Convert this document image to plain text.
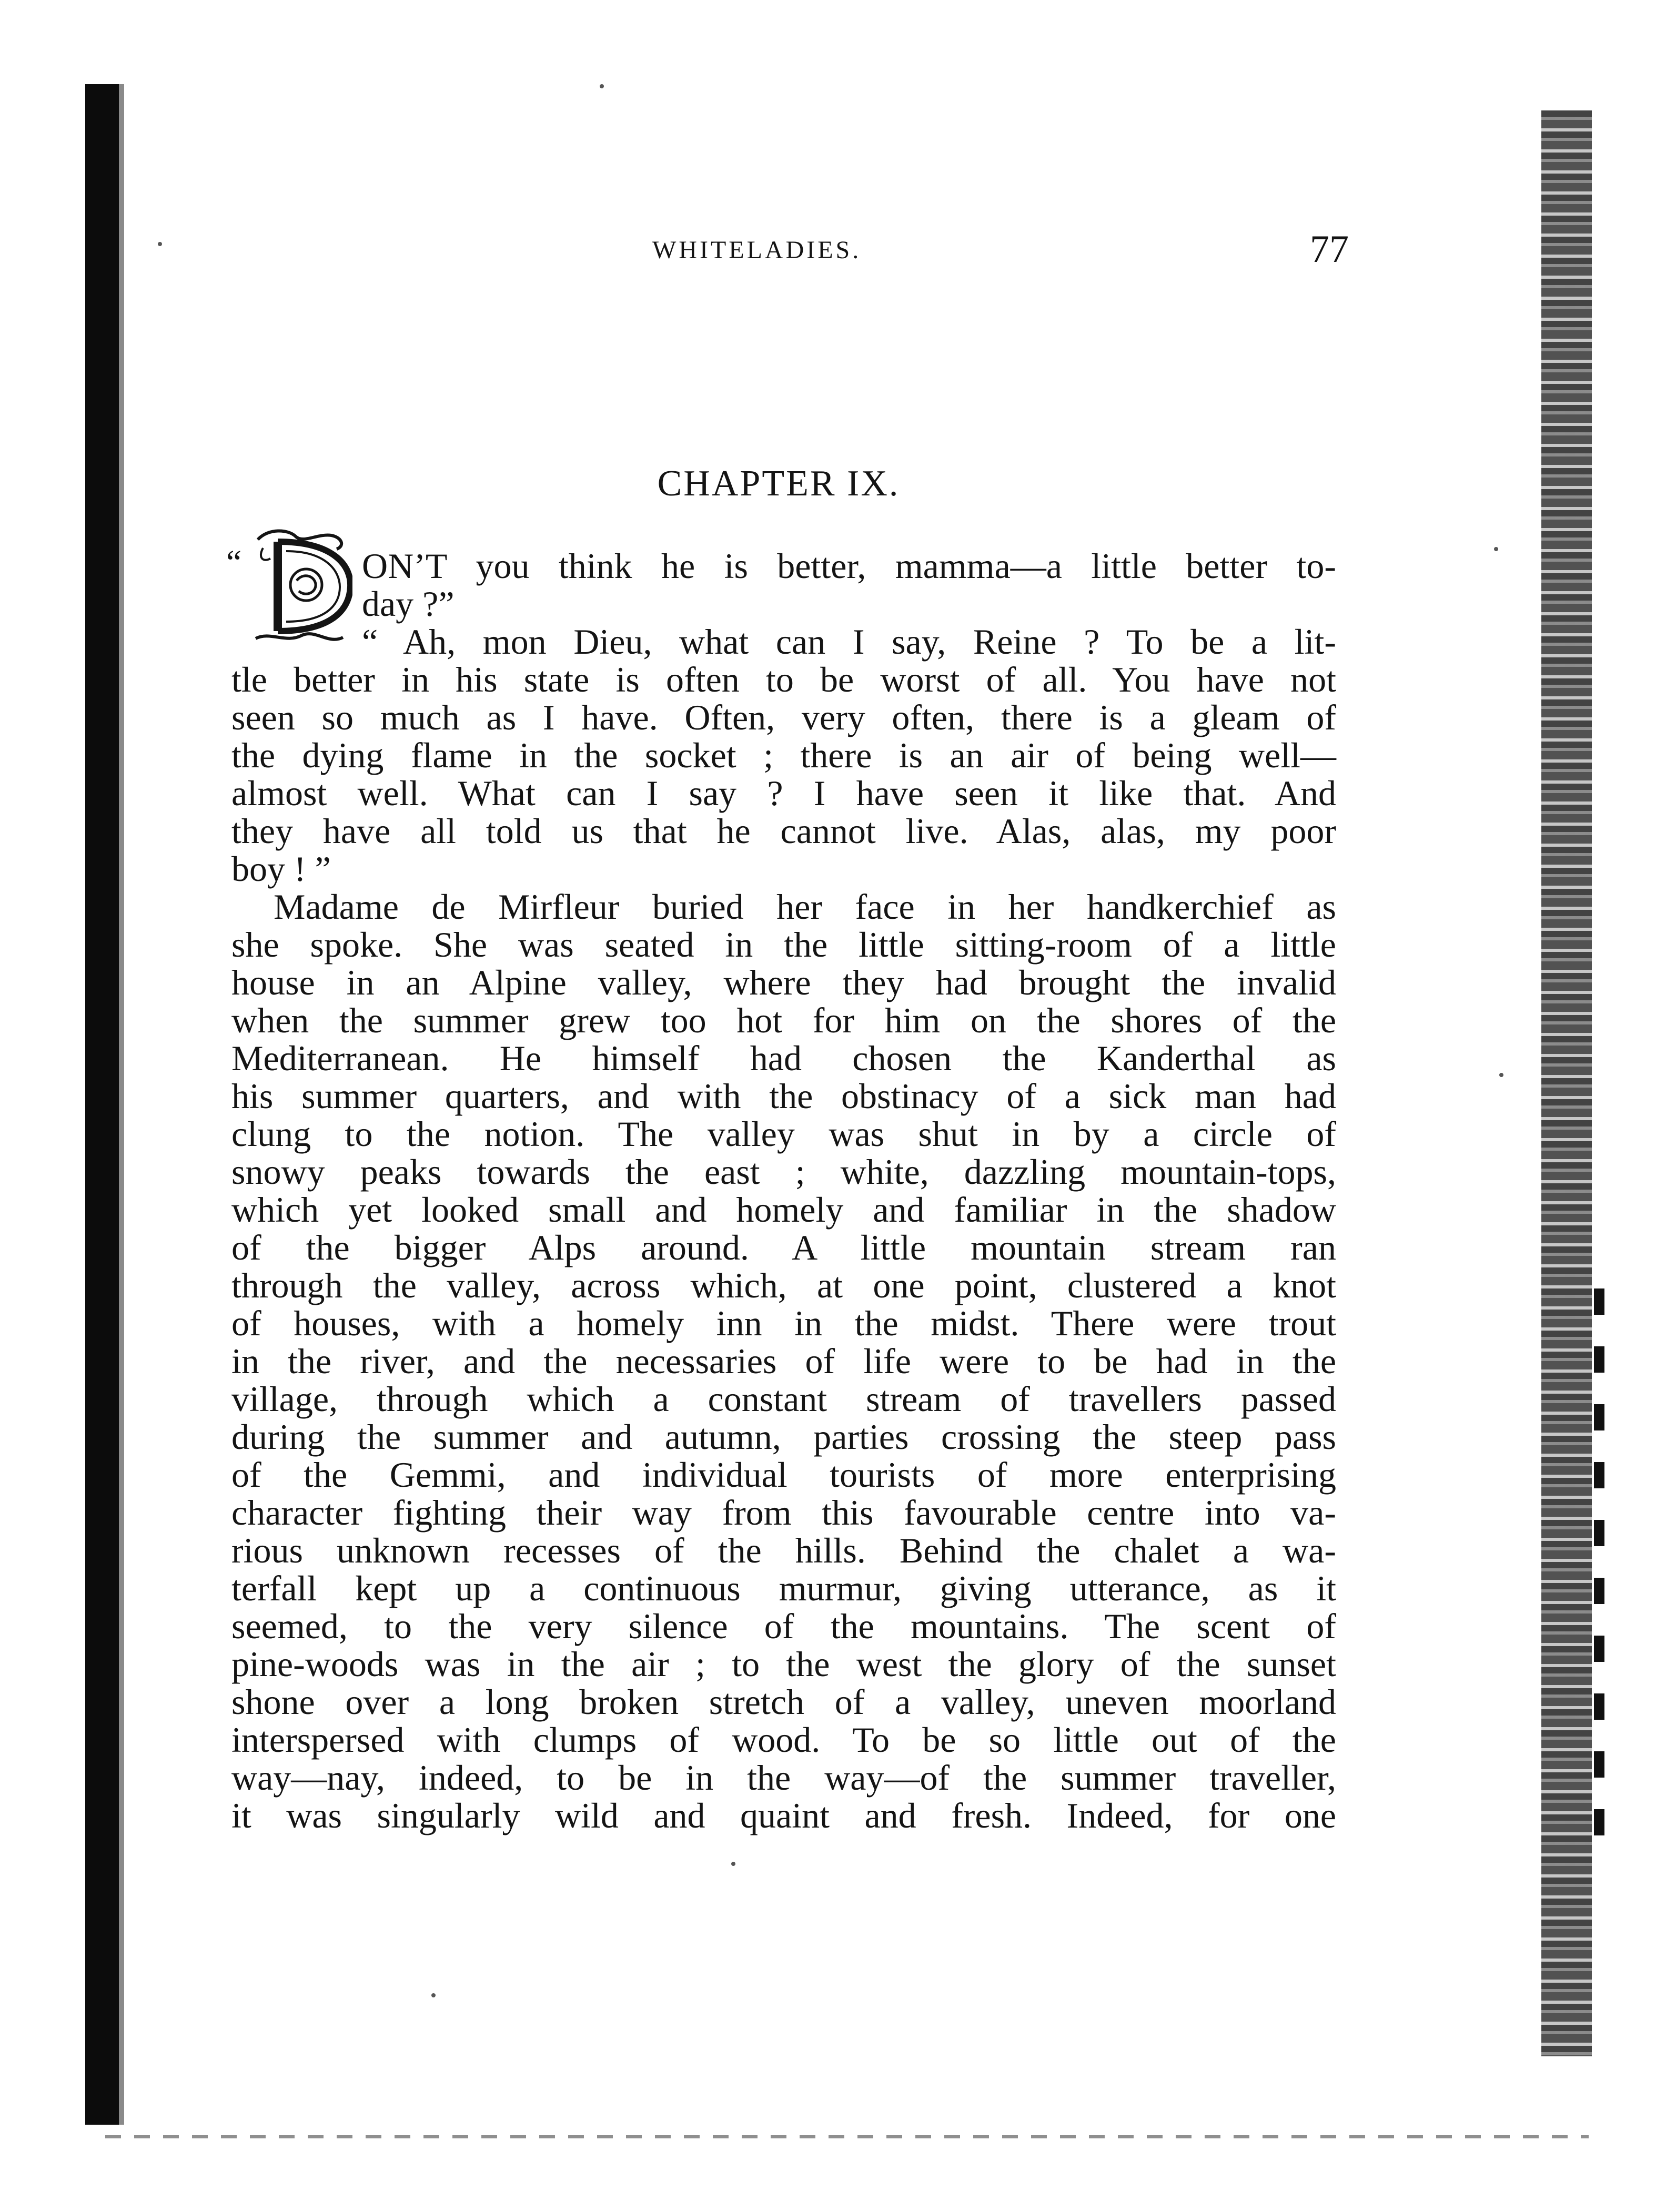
WHITELADIES.	77
CHAPTER IX.
“	ON’T you think he is better, mamma—a little better to-
day ?”
“ Ah, mon Dieu, what can I say, Reine ? To be a lit-
tle better in his state is often to be worst of all. You have not
seen so much as I have. Often, very often, there is a gleam of
the dying flame in the socket ; there is an air of being well—
almost well. What can I say ? I have seen it like that. And
they have all told us that he cannot live. Alas, alas, my poor
boy ! ”
Madame de Mirfleur buried her face in her handkerchief as
she spoke. She was seated in the little sitting-room of a little
house in an Alpine valley, where they had brought the invalid
when the summer grew too hot for him on the shores of the
Mediterranean. He himself had chosen the Kanderthal as
his summer quarters, and with the obstinacy of a sick man had
clung to the notion. The valley was shut in by a circle of
snowy peaks towards the east ; white, dazzling mountain-tops,
which yet looked small and homely and familiar in the shadow
of the bigger Alps around. A little mountain stream ran
through the valley, across which, at one point, clustered a knot
of houses, with a homely inn in the midst. There were trout
in the river, and the necessaries of life were to be had in the
village, through which a constant stream of travellers passed
during the summer and autumn, parties crossing the steep pass
of the Gemmi, and individual tourists of more enterprising
character fighting their way from this favourable centre into va-
rious unknown recesses of the hills. Behind the chalet a wa-
terfall kept up a continuous murmur, giving utterance, as it
seemed, to the very silence of the mountains. The scent of
pine-woods was in the air ; to the west the glory of the sunset
shone over a long broken stretch of a valley, uneven moorland
interspersed with clumps of wood. To be so little out of the
way—nay, indeed, to be in the way—of the summer traveller,
it was singularly wild and quaint and fresh. Indeed, for one
